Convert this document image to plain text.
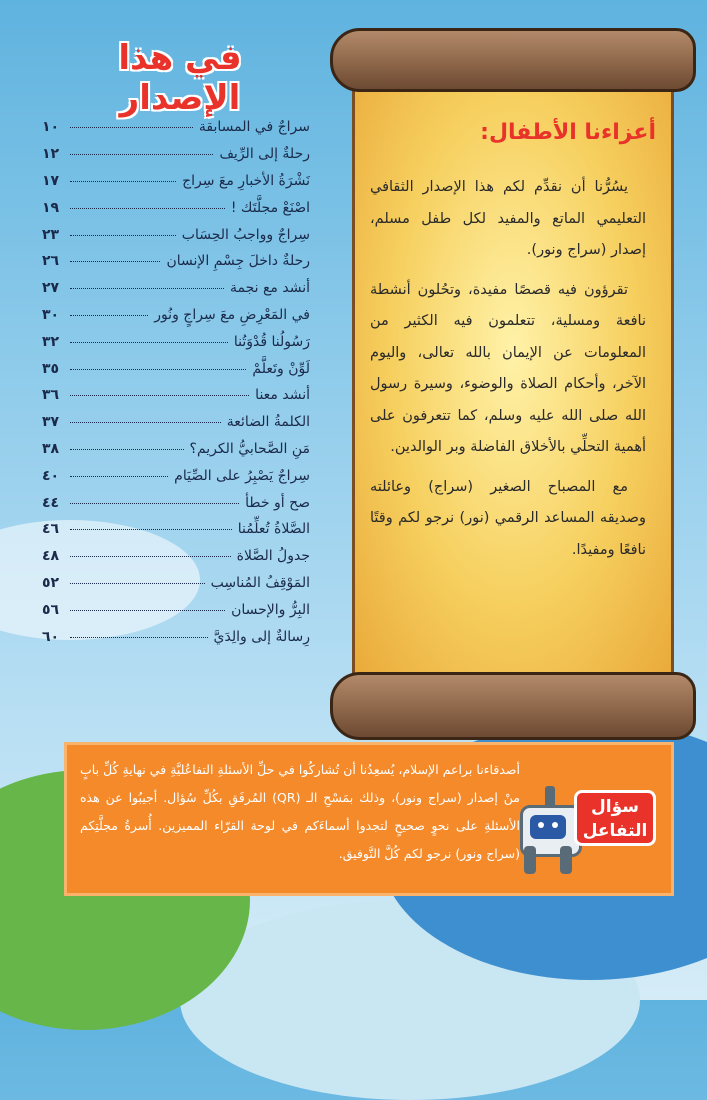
في هذا الإصدار
سراجٌ في المسابقة
١٠
رحلةٌ إلى الرِّيف
١٢
نَشْرَةُ الأخبارِ معَ سِراج
١٧
اصْنَعْ مجلَّتَك !
١٩
سِراجٌ وواجبُ الحِسَاب
٢٣
رحلةٌ داخلَ جِسْمِ الإنسان
٢٦
أنشد مع نجمة
٢٧
في المَعْرِضِ معَ سِراجٍ ونُور
٣٠
رَسُولُنا قُدْوَتُنا
٣٢
لَوِّنْ وتَعلَّمْ
٣٥
أنشد معنا
٣٦
الكلمةُ الضائعة
٣٧
مَنِ الصَّحابيُّ الكريم؟
٣٨
سِراجٌ يَصْبِرُ على الصِّيَام
٤٠
صح أو خطأ
٤٤
الصَّلاةُ تُعلِّمُنا
٤٦
جدولُ الصَّلاة
٤٨
المَوْقِفُ المُناسِب
٥٢
البِرُّ والإحسان
٥٦
رِسالةٌ إلى والِدَيَّ
٦٠
أعزاءنا الأطفال:

يسُرُّنا أن نقدِّم لكم هذا الإصدار الثقافي التعليمي الماتع والمفيد لكل طفل مسلم، إصدار (سراج ونور).

تقرؤون فيه قصصًا مفيدة، وتحُلون أنشطة نافعة ومسلية، تتعلمون فيه الكثير من المعلومات عن الإيمان بالله تعالى، واليوم الآخر، وأحكام الصلاة والوضوء، وسيرة رسول الله صلى الله عليه وسلم، كما تتعرفون على أهمية التحلِّي بالأخلاق الفاضلة وبر الوالدين.

مع المصباح الصغير (سراج) وعائلته وصديقه المساعد الرقمي (نور) نرجو لكم وقتًا نافعًا ومفيدًا.

أصدقاءنا براعم الإسلام، يُسعِدُنا أن تُشاركُوا في حلِّ الأسئلةِ التفاعُليَّةِ في نهايةِ كُلِّ بابٍ منْ إصدار (سراج ونور)، وذلك بمَسْحِ الـ (QR) المُرفَقِ بكُلِّ سُؤال. أجيبُوا عن هذه الأسئلةِ على نحوٍ صحيحٍ لتجدوا أسماءَكم في لوحة القرّاء المميزين. أُسرةُ مجلَّتِكم (سراج ونور) نرجو لكم كُلَّ التَّوفيق.
سؤال التفاعل
